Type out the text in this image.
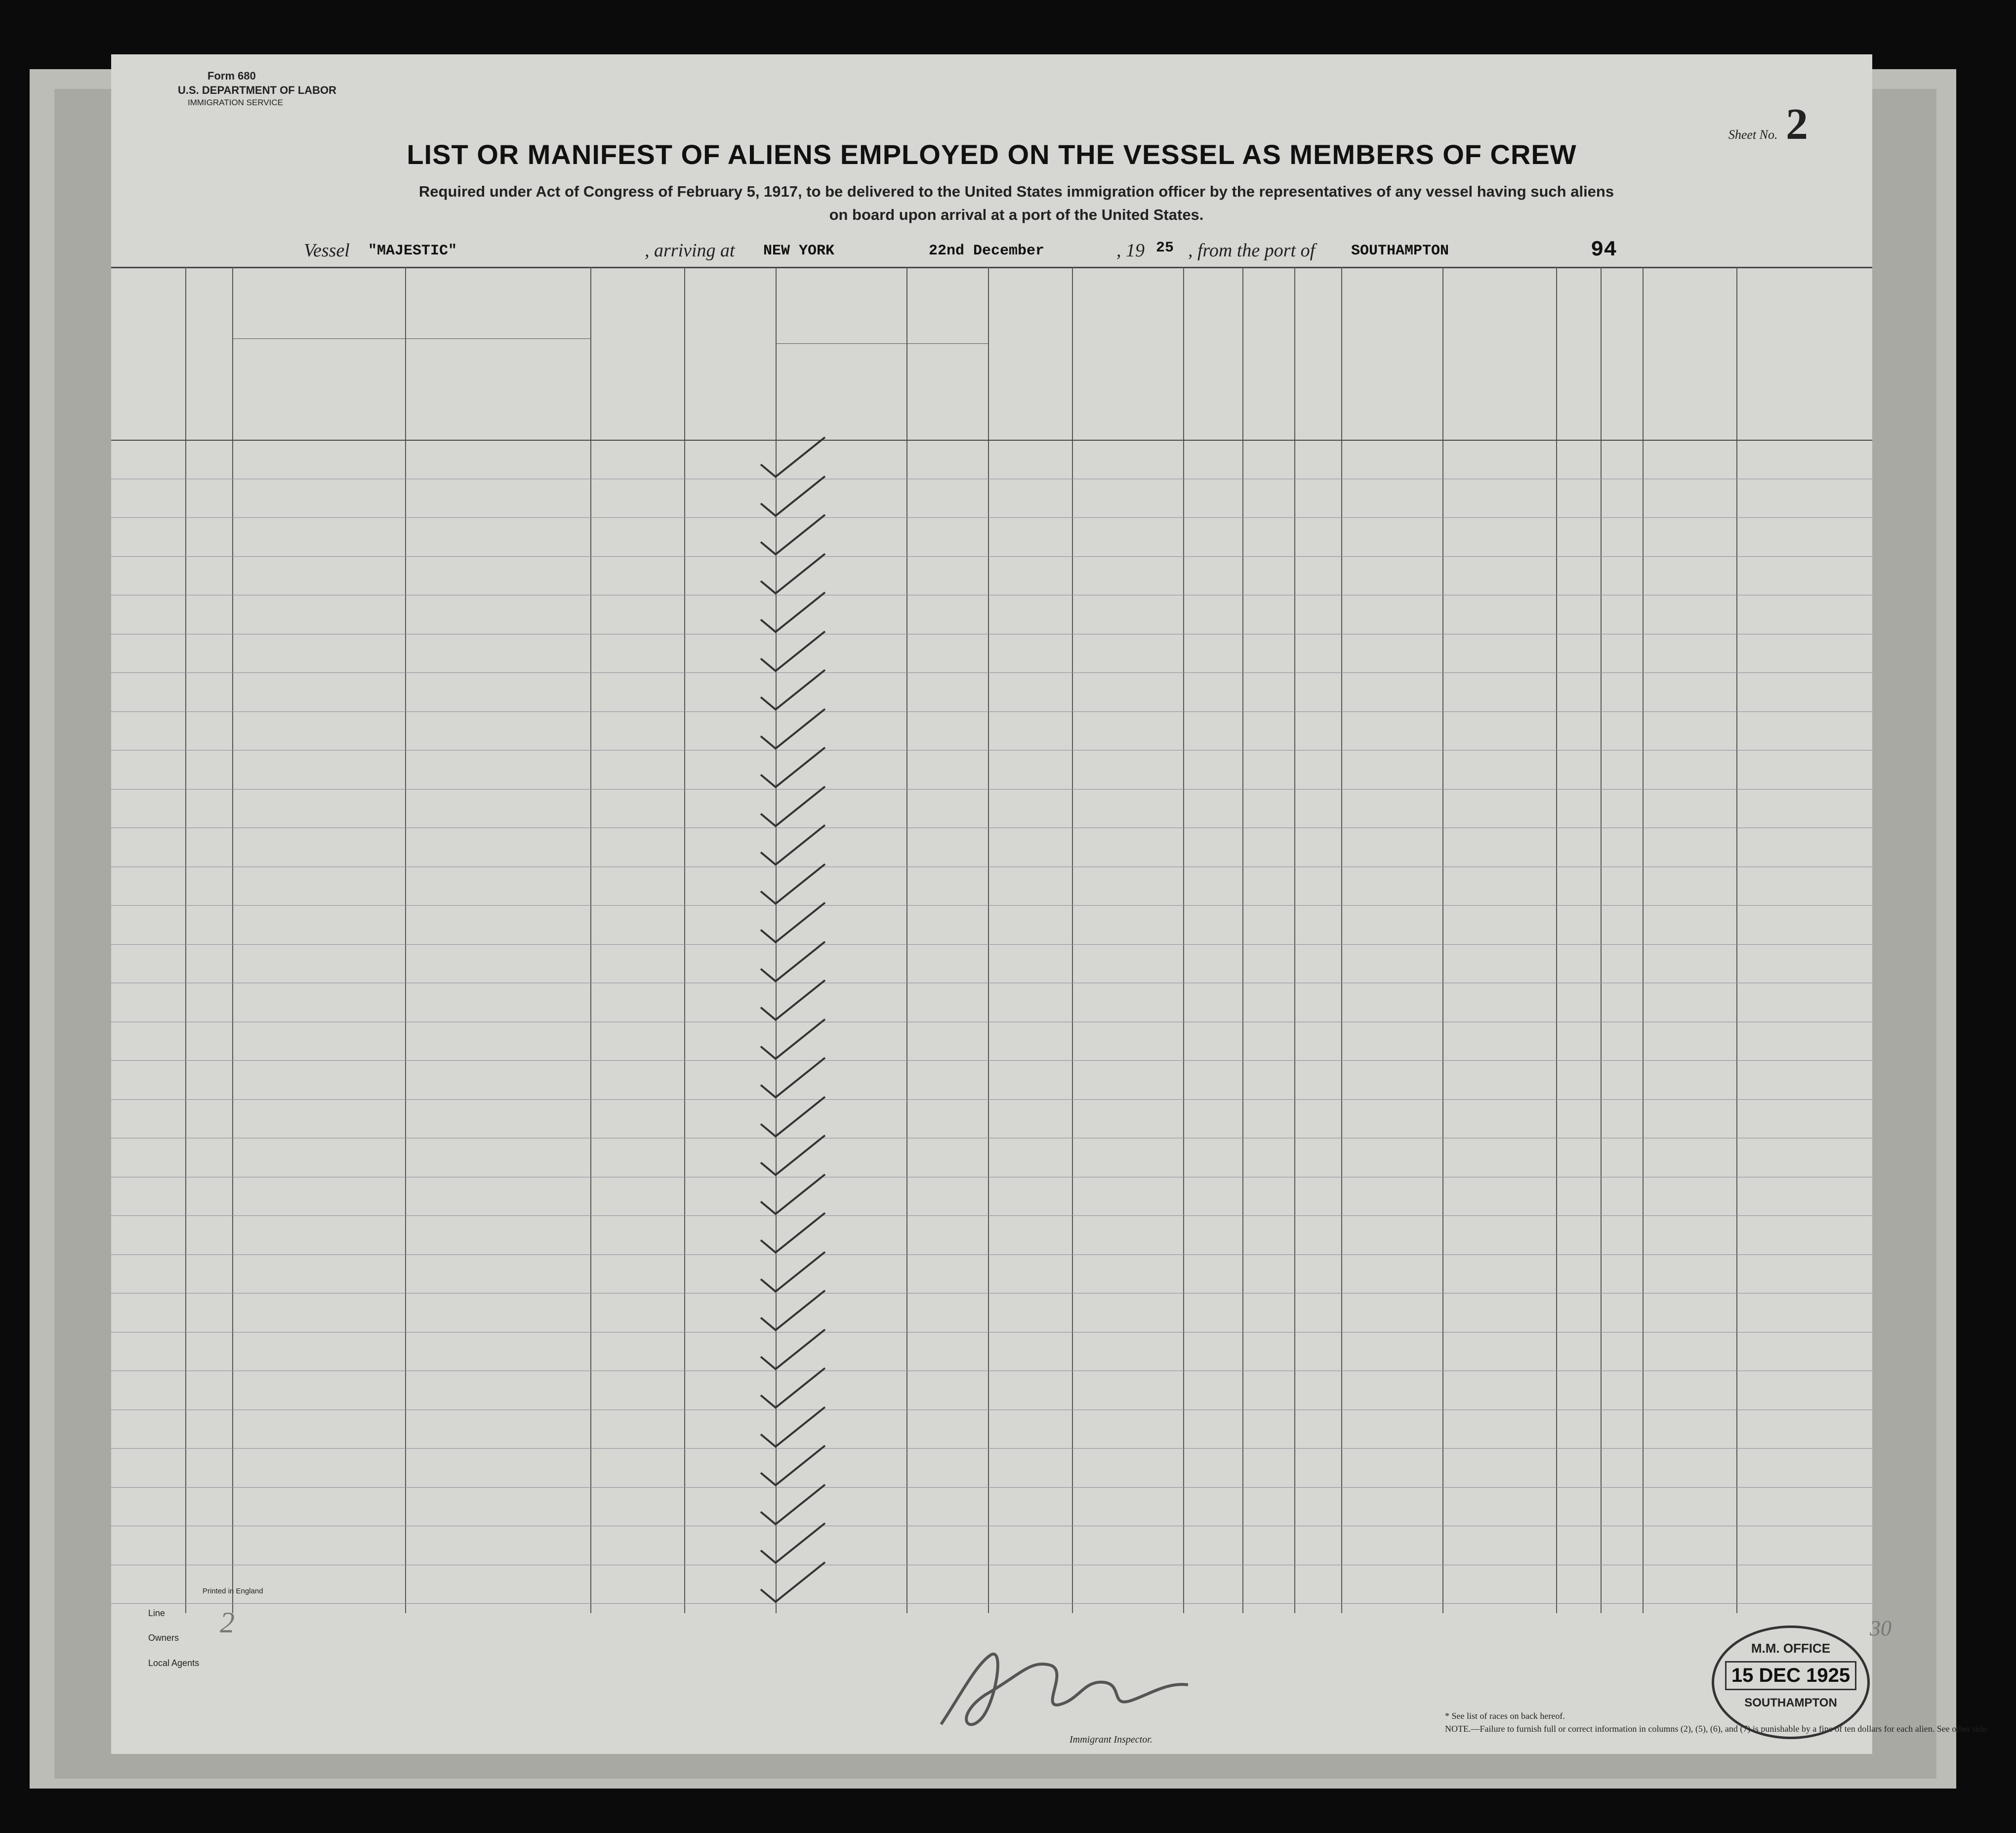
Form 680
U.S. DEPARTMENT OF LABOR
IMMIGRATION SERVICE
Sheet No. 2
LIST OR MANIFEST OF ALIENS EMPLOYED ON THE VESSEL AS MEMBERS OF CREW
Required under Act of Congress of February 5, 1917, to be delivered to the United States immigration officer by the representatives of any vessel having such aliens
on board upon arrival at a port of the United States.
Vessel "MAJESTIC"	, arriving at NEW YORK	22nd December	, 19 25 , from the port of SOUTHAMPTON	94
Immigrant Inspector.
* See list of races on back hereof.
NOTE.—Failure to furnish full or correct information in columns (2), (5), (6), and (7) is punishable by a fine of ten dollars for each alien. See other side.
M.M. OFFICE
15 DEC 1925
SOUTHAMPTON
Printed in England
Line
Owners
Local Agents
2	30
